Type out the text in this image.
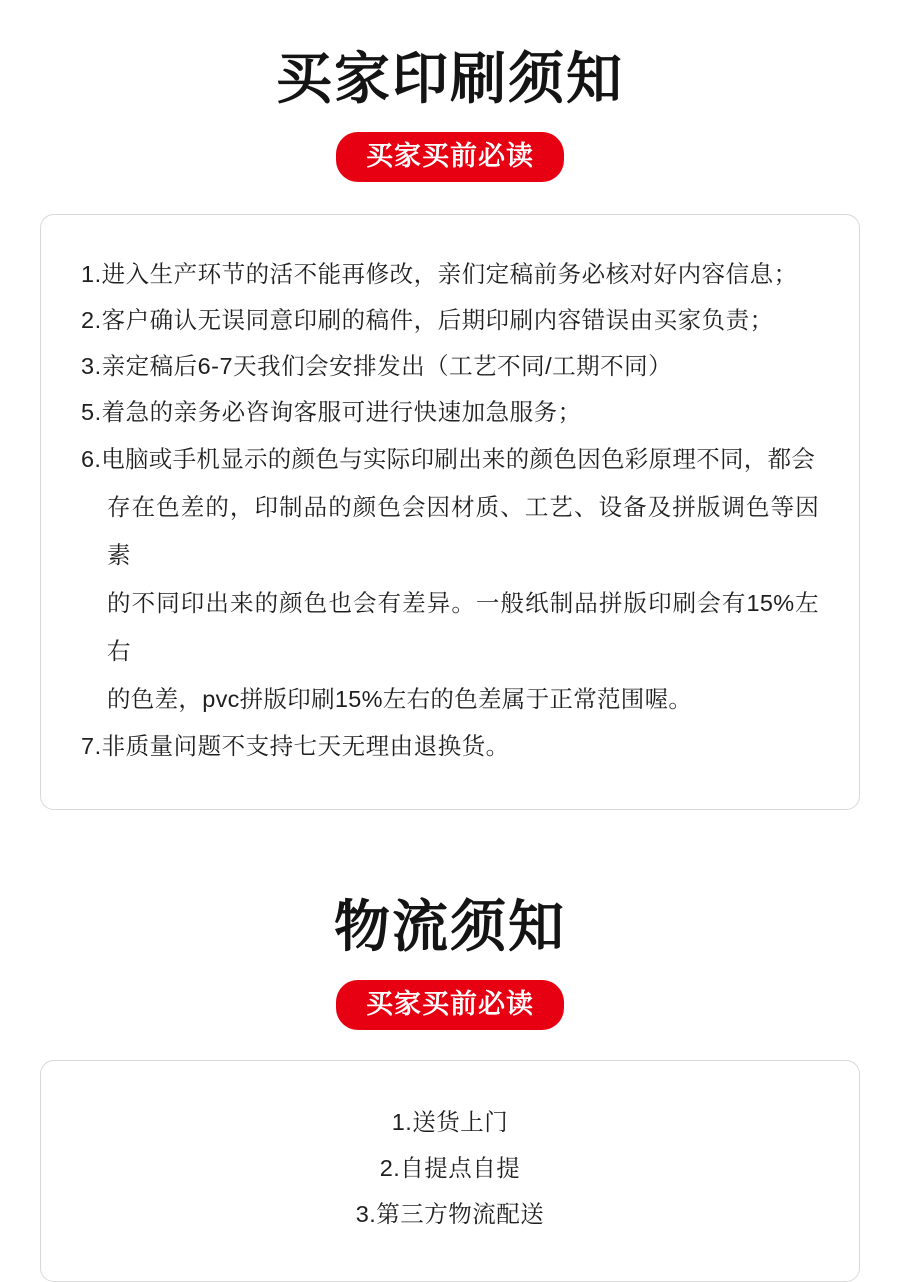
买家印刷须知
买家买前必读
1.进入生产环节的活不能再修改，亲们定稿前务必核对好内容信息；
2.客户确认无误同意印刷的稿件，后期印刷内容错误由买家负责；
3.亲定稿后6-7天我们会安排发出（工艺不同/工期不同）
5.着急的亲务必咨询客服可进行快速加急服务；
6.电脑或手机显示的颜色与实际印刷出来的颜色因色彩原理不同，都会
存在色差的，印制品的颜色会因材质、工艺、设备及拼版调色等因素
的不同印出来的颜色也会有差异。一般纸制品拼版印刷会有15%左右
的色差，pvc拼版印刷15%左右的色差属于正常范围喔。
7.非质量问题不支持七天无理由退换货。
物流须知
买家买前必读
1.送货上门
2.自提点自提
3.第三方物流配送
